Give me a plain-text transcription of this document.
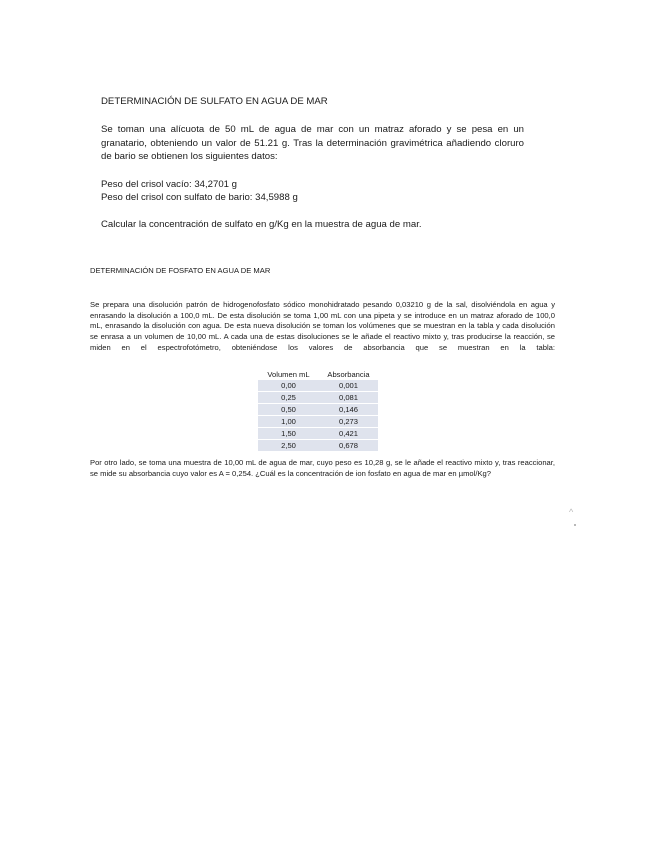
DETERMINACIÓN DE SULFATO EN AGUA DE MAR

Se toman una alícuota de 50 mL de agua de mar con un matraz aforado y se pesa en un granatario, obteniendo un valor de 51.21 g. Tras la determinación gravimétrica añadiendo cloruro de bario se obtienen los siguientes datos:

Peso del crisol vacío: 34,2701 g

Peso del crisol con sulfato de bario: 34,5988 g

Calcular la concentración de sulfato en g/Kg en la muestra de agua de mar.

DETERMINACIÓN DE FOSFATO EN AGUA DE MAR

Se prepara una disolución patrón de hidrogenofosfato sódico monohidratado pesando 0,03210 g de la sal, disolviéndola en agua y enrasando la disolución a 100,0 mL. De esta disolución se toma 1,00 mL con una pipeta y se introduce en un matraz aforado de 100,0 mL, enrasando la disolución con agua. De esta nueva disolución se toman los volúmenes que se muestran en la tabla y cada disolución se enrasa a un volumen de 10,00 mL. A cada una de estas disoluciones se le añade el reactivo mixto y, tras producirse la reacción, se miden en el espectrofotómetro, obteniéndose los valores de absorbancia que se muestran en la tabla:

Volumen mL	Absorbancia
0,00	0,001
0,25	0,081
0,50	0,146
1,00	0,273
1,50	0,421
2,50	0,678

Por otro lado, se toma una muestra de 10,00 mL de agua de mar, cuyo peso es 10,28 g, se le añade el reactivo mixto y, tras reaccionar, se mide su absorbancia cuyo valor es A = 0,254. ¿Cuál es la concentración de ion fosfato en agua de mar en µmol/Kg?

^
